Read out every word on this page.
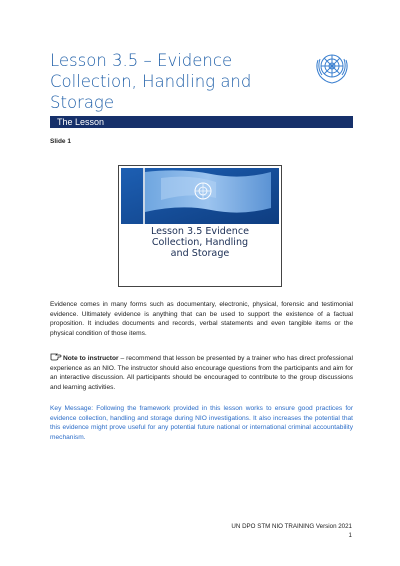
Lesson 3.5 – Evidence Collection, Handling and Storage
The Lesson
Slide 1
Lesson 3.5 Evidence
Collection, Handling
and Storage
Evidence comes in many forms such as documentary, electronic, physical, forensic and testimonial evidence. Ultimately evidence is anything that can be used to support the existence of a factual proposition. It includes documents and records, verbal statements and even tangible items or the physical condition of those items.
Note to instructor – recommend that lesson be presented by a trainer who has direct professional experience as an NIO. The instructor should also encourage questions from the participants and aim for an interactive discussion. All participants should be encouraged to contribute to the group discussions and learning activities.
Key Message: Following the framework provided in this lesson works to ensure good practices for evidence collection, handling and storage during NIO investigations. It also increases the potential that this evidence might prove useful for any potential future national or international criminal accountability mechanism.
UN DPO STM NIO TRAINING Version 2021
1
